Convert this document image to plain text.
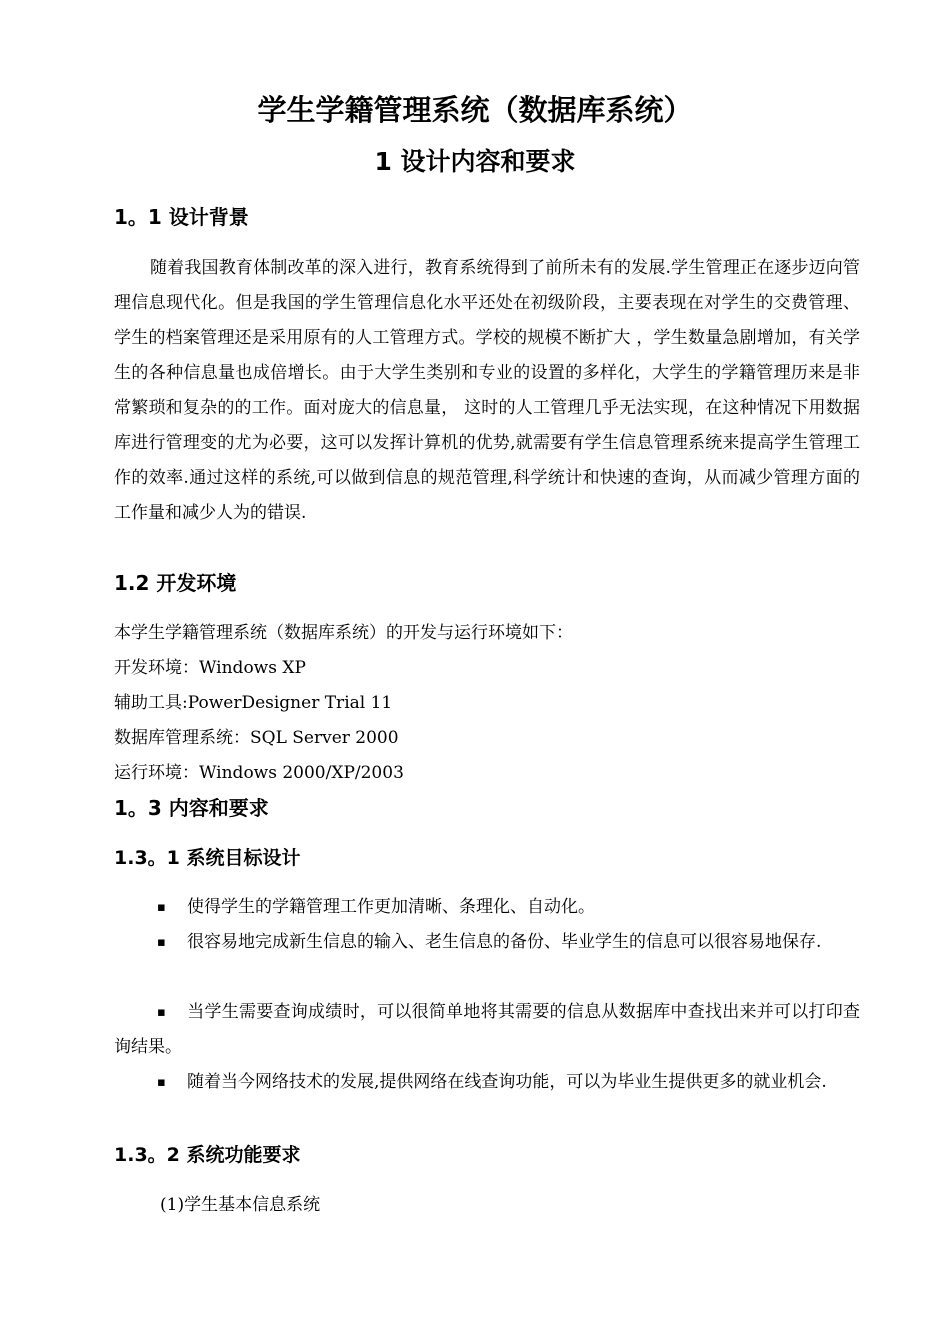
学生学籍管理系统（数据库系统）
1 设计内容和要求
1。1 设计背景

随着我国教育体制改革的深入进行，教育系统得到了前所未有的发展.学生管理正在逐步迈向管理信息现代化。但是我国的学生管理信息化水平还处在初级阶段，主要表现在对学生的交费管理、学生的档案管理还是采用原有的人工管理方式。学校的规模不断扩大 ，学生数量急剧增加，有关学生的各种信息量也成倍增长。由于大学生类别和专业的设置的多样化，大学生的学籍管理历来是非常繁琐和复杂的的工作。面对庞大的信息量， 这时的人工管理几乎无法实现，在这种情况下用数据库进行管理变的尤为必要，这可以发挥计算机的优势,就需要有学生信息管理系统来提高学生管理工作的效率.通过这样的系统,可以做到信息的规范管理,科学统计和快速的查询，从而减少管理方面的工作量和减少人为的错误.

1.2 开发环境

本学生学籍管理系统（数据库系统）的开发与运行环境如下：

开发环境：Windows XP

辅助工具:PowerDesigner Trial 11

数据库管理系统：SQL Server 2000

运行环境：Windows 2000/XP/2003

1。3 内容和要求
1.3。1 系统目标设计

▪ 使得学生的学籍管理工作更加清晰、条理化、自动化。

▪ 很容易地完成新生信息的输入、老生信息的备份、毕业学生的信息可以很容易地保存.

▪ 当学生需要查询成绩时，可以很简单地将其需要的信息从数据库中查找出来并可以打印查询结果。

▪ 随着当今网络技术的发展,提供网络在线查询功能，可以为毕业生提供更多的就业机会.

1.3。2 系统功能要求

(1)学生基本信息系统
